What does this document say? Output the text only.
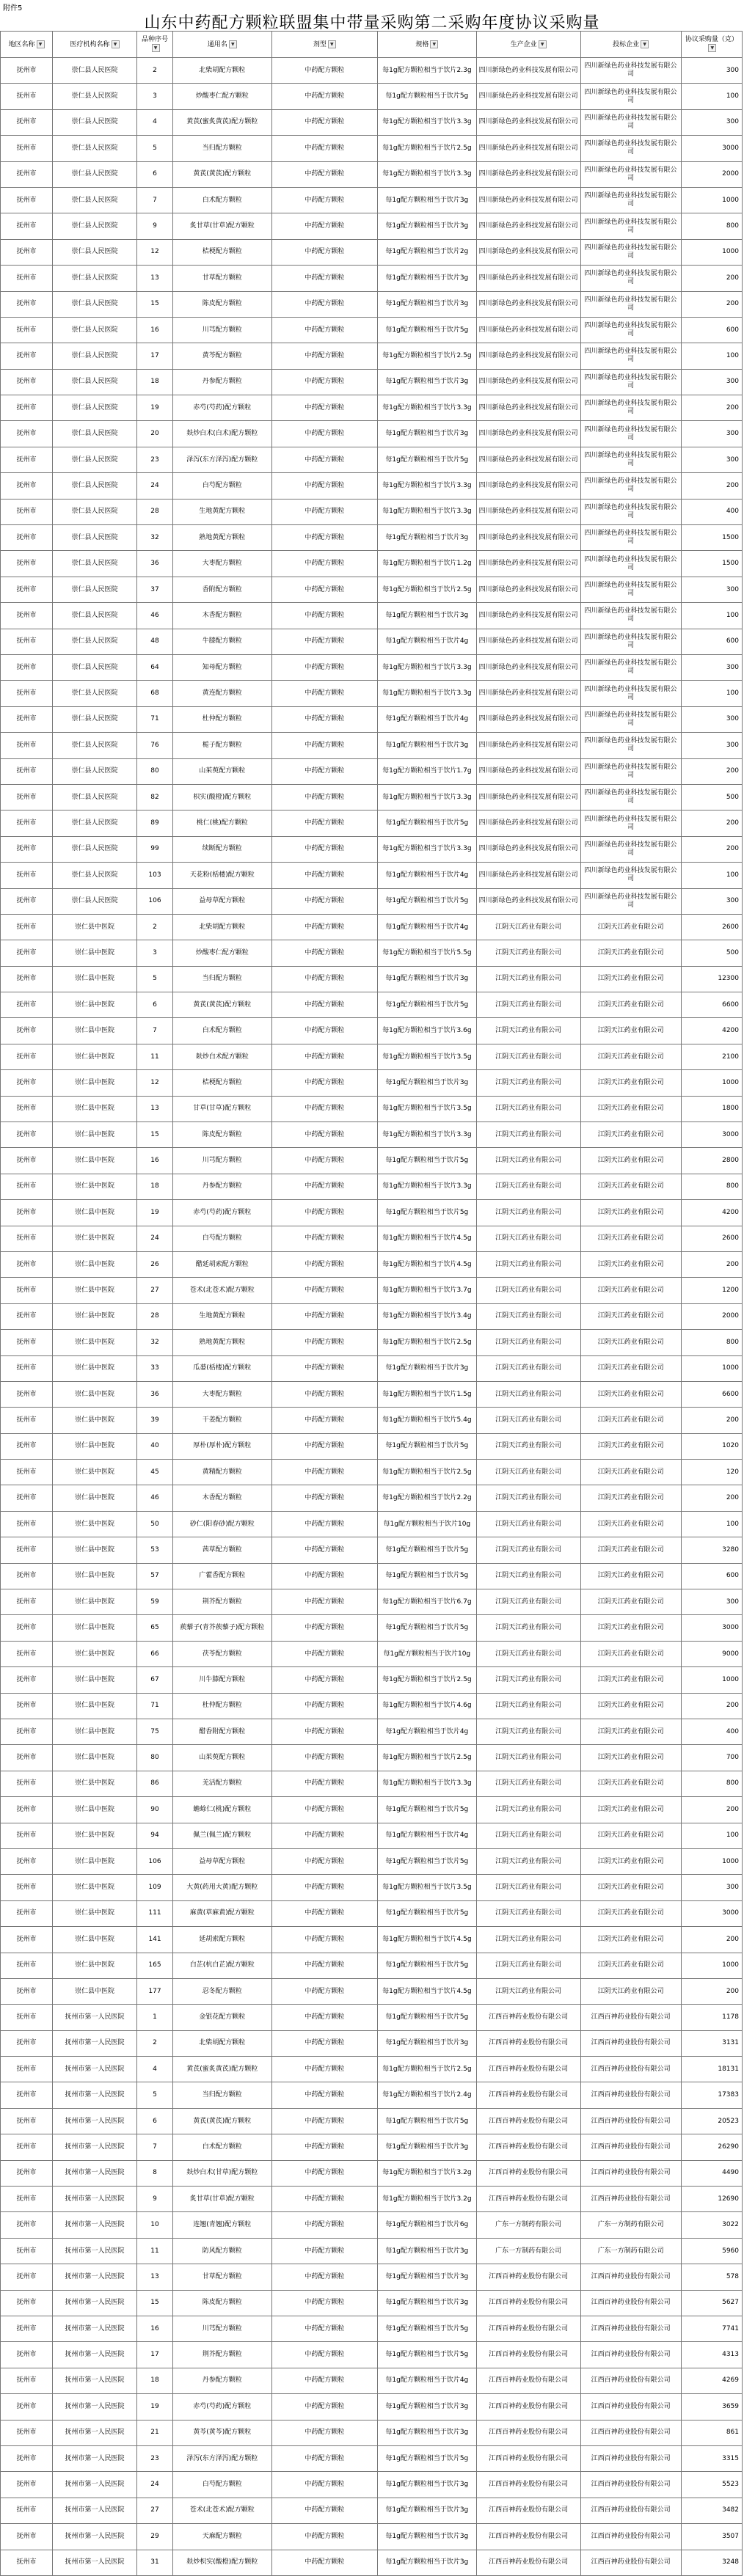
附件5
山东中药配方颗粒联盟集中带量采购第二采购年度协议采购量
地区名称 ▼	医疗机构名称 ▼	品种序号▼	通用名 ▼	剂型 ▼	规格 ▼	生产企业 ▼	投标企业 ▼	协议采购量（克）▼
抚州市	崇仁县人民医院	2	北柴胡配方颗粒	中药配方颗粒	每1g配方颗粒相当于饮片2.3g	四川新绿色药业科技发展有限公司	四川新绿色药业科技发展有限公司	300
抚州市	崇仁县人民医院	3	炒酸枣仁配方颗粒	中药配方颗粒	每1g配方颗粒相当于饮片5g	四川新绿色药业科技发展有限公司	四川新绿色药业科技发展有限公司	100
抚州市	崇仁县人民医院	4	黄芪(蜜炙黄芪)配方颗粒	中药配方颗粒	每1g配方颗粒相当于饮片3.3g	四川新绿色药业科技发展有限公司	四川新绿色药业科技发展有限公司	300
抚州市	崇仁县人民医院	5	当归配方颗粒	中药配方颗粒	每1g配方颗粒相当于饮片2.5g	四川新绿色药业科技发展有限公司	四川新绿色药业科技发展有限公司	3000
抚州市	崇仁县人民医院	6	黄芪(黄芪)配方颗粒	中药配方颗粒	每1g配方颗粒相当于饮片3.3g	四川新绿色药业科技发展有限公司	四川新绿色药业科技发展有限公司	2000
抚州市	崇仁县人民医院	7	白术配方颗粒	中药配方颗粒	每1g配方颗粒相当于饮片3g	四川新绿色药业科技发展有限公司	四川新绿色药业科技发展有限公司	1000
抚州市	崇仁县人民医院	9	炙甘草(甘草)配方颗粒	中药配方颗粒	每1g配方颗粒相当于饮片3g	四川新绿色药业科技发展有限公司	四川新绿色药业科技发展有限公司	800
抚州市	崇仁县人民医院	12	桔梗配方颗粒	中药配方颗粒	每1g配方颗粒相当于饮片2g	四川新绿色药业科技发展有限公司	四川新绿色药业科技发展有限公司	1000
抚州市	崇仁县人民医院	13	甘草配方颗粒	中药配方颗粒	每1g配方颗粒相当于饮片3g	四川新绿色药业科技发展有限公司	四川新绿色药业科技发展有限公司	200
抚州市	崇仁县人民医院	15	陈皮配方颗粒	中药配方颗粒	每1g配方颗粒相当于饮片3g	四川新绿色药业科技发展有限公司	四川新绿色药业科技发展有限公司	200
抚州市	崇仁县人民医院	16	川芎配方颗粒	中药配方颗粒	每1g配方颗粒相当于饮片5g	四川新绿色药业科技发展有限公司	四川新绿色药业科技发展有限公司	600
抚州市	崇仁县人民医院	17	黄芩配方颗粒	中药配方颗粒	每1g配方颗粒相当于饮片2.5g	四川新绿色药业科技发展有限公司	四川新绿色药业科技发展有限公司	100
抚州市	崇仁县人民医院	18	丹参配方颗粒	中药配方颗粒	每1g配方颗粒相当于饮片3g	四川新绿色药业科技发展有限公司	四川新绿色药业科技发展有限公司	300
抚州市	崇仁县人民医院	19	赤芍(芍药)配方颗粒	中药配方颗粒	每1g配方颗粒相当于饮片3.3g	四川新绿色药业科技发展有限公司	四川新绿色药业科技发展有限公司	200
抚州市	崇仁县人民医院	20	麸炒白术(白术)配方颗粒	中药配方颗粒	每1g配方颗粒相当于饮片3g	四川新绿色药业科技发展有限公司	四川新绿色药业科技发展有限公司	300
抚州市	崇仁县人民医院	23	泽泻(东方泽泻)配方颗粒	中药配方颗粒	每1g配方颗粒相当于饮片5g	四川新绿色药业科技发展有限公司	四川新绿色药业科技发展有限公司	300
抚州市	崇仁县人民医院	24	白芍配方颗粒	中药配方颗粒	每1g配方颗粒相当于饮片3.3g	四川新绿色药业科技发展有限公司	四川新绿色药业科技发展有限公司	200
抚州市	崇仁县人民医院	28	生地黄配方颗粒	中药配方颗粒	每1g配方颗粒相当于饮片3.3g	四川新绿色药业科技发展有限公司	四川新绿色药业科技发展有限公司	400
抚州市	崇仁县人民医院	32	熟地黄配方颗粒	中药配方颗粒	每1g配方颗粒相当于饮片3g	四川新绿色药业科技发展有限公司	四川新绿色药业科技发展有限公司	1500
抚州市	崇仁县人民医院	36	大枣配方颗粒	中药配方颗粒	每1g配方颗粒相当于饮片1.2g	四川新绿色药业科技发展有限公司	四川新绿色药业科技发展有限公司	1500
抚州市	崇仁县人民医院	37	香附配方颗粒	中药配方颗粒	每1g配方颗粒相当于饮片2.5g	四川新绿色药业科技发展有限公司	四川新绿色药业科技发展有限公司	300
抚州市	崇仁县人民医院	46	木香配方颗粒	中药配方颗粒	每1g配方颗粒相当于饮片3g	四川新绿色药业科技发展有限公司	四川新绿色药业科技发展有限公司	100
抚州市	崇仁县人民医院	48	牛膝配方颗粒	中药配方颗粒	每1g配方颗粒相当于饮片4g	四川新绿色药业科技发展有限公司	四川新绿色药业科技发展有限公司	600
抚州市	崇仁县人民医院	64	知母配方颗粒	中药配方颗粒	每1g配方颗粒相当于饮片3.3g	四川新绿色药业科技发展有限公司	四川新绿色药业科技发展有限公司	300
抚州市	崇仁县人民医院	68	黄连配方颗粒	中药配方颗粒	每1g配方颗粒相当于饮片3.3g	四川新绿色药业科技发展有限公司	四川新绿色药业科技发展有限公司	100
抚州市	崇仁县人民医院	71	杜仲配方颗粒	中药配方颗粒	每1g配方颗粒相当于饮片4g	四川新绿色药业科技发展有限公司	四川新绿色药业科技发展有限公司	300
抚州市	崇仁县人民医院	76	栀子配方颗粒	中药配方颗粒	每1g配方颗粒相当于饮片3g	四川新绿色药业科技发展有限公司	四川新绿色药业科技发展有限公司	300
抚州市	崇仁县人民医院	80	山茱萸配方颗粒	中药配方颗粒	每1g配方颗粒相当于饮片1.7g	四川新绿色药业科技发展有限公司	四川新绿色药业科技发展有限公司	200
抚州市	崇仁县人民医院	82	枳实(酸橙)配方颗粒	中药配方颗粒	每1g配方颗粒相当于饮片3.3g	四川新绿色药业科技发展有限公司	四川新绿色药业科技发展有限公司	500
抚州市	崇仁县人民医院	89	桃仁(桃)配方颗粒	中药配方颗粒	每1g配方颗粒相当于饮片5g	四川新绿色药业科技发展有限公司	四川新绿色药业科技发展有限公司	200
抚州市	崇仁县人民医院	99	续断配方颗粒	中药配方颗粒	每1g配方颗粒相当于饮片3.3g	四川新绿色药业科技发展有限公司	四川新绿色药业科技发展有限公司	200
抚州市	崇仁县人民医院	103	天花粉(栝楼)配方颗粒	中药配方颗粒	每1g配方颗粒相当于饮片4g	四川新绿色药业科技发展有限公司	四川新绿色药业科技发展有限公司	100
抚州市	崇仁县人民医院	106	益母草配方颗粒	中药配方颗粒	每1g配方颗粒相当于饮片5g	四川新绿色药业科技发展有限公司	四川新绿色药业科技发展有限公司	300
抚州市	崇仁县中医院	2	北柴胡配方颗粒	中药配方颗粒	每1g配方颗粒相当于饮片4g	江阴天江药业有限公司	江阴天江药业有限公司	2600
抚州市	崇仁县中医院	3	炒酸枣仁配方颗粒	中药配方颗粒	每1g配方颗粒相当于饮片5.5g	江阴天江药业有限公司	江阴天江药业有限公司	500
抚州市	崇仁县中医院	5	当归配方颗粒	中药配方颗粒	每1g配方颗粒相当于饮片3g	江阴天江药业有限公司	江阴天江药业有限公司	12300
抚州市	崇仁县中医院	6	黄芪(黄芪)配方颗粒	中药配方颗粒	每1g配方颗粒相当于饮片5g	江阴天江药业有限公司	江阴天江药业有限公司	6600
抚州市	崇仁县中医院	7	白术配方颗粒	中药配方颗粒	每1g配方颗粒相当于饮片3.6g	江阴天江药业有限公司	江阴天江药业有限公司	4200
抚州市	崇仁县中医院	11	麸炒白术配方颗粒	中药配方颗粒	每1g配方颗粒相当于饮片3.5g	江阴天江药业有限公司	江阴天江药业有限公司	2100
抚州市	崇仁县中医院	12	桔梗配方颗粒	中药配方颗粒	每1g配方颗粒相当于饮片3g	江阴天江药业有限公司	江阴天江药业有限公司	1000
抚州市	崇仁县中医院	13	甘草(甘草)配方颗粒	中药配方颗粒	每1g配方颗粒相当于饮片3.5g	江阴天江药业有限公司	江阴天江药业有限公司	1800
抚州市	崇仁县中医院	15	陈皮配方颗粒	中药配方颗粒	每1g配方颗粒相当于饮片3.3g	江阴天江药业有限公司	江阴天江药业有限公司	3000
抚州市	崇仁县中医院	16	川芎配方颗粒	中药配方颗粒	每1g配方颗粒相当于饮片5g	江阴天江药业有限公司	江阴天江药业有限公司	2800
抚州市	崇仁县中医院	18	丹参配方颗粒	中药配方颗粒	每1g配方颗粒相当于饮片3.3g	江阴天江药业有限公司	江阴天江药业有限公司	800
抚州市	崇仁县中医院	19	赤芍(芍药)配方颗粒	中药配方颗粒	每1g配方颗粒相当于饮片5g	江阴天江药业有限公司	江阴天江药业有限公司	4200
抚州市	崇仁县中医院	24	白芍配方颗粒	中药配方颗粒	每1g配方颗粒相当于饮片4.5g	江阴天江药业有限公司	江阴天江药业有限公司	2600
抚州市	崇仁县中医院	26	醋延胡索配方颗粒	中药配方颗粒	每1g配方颗粒相当于饮片4.5g	江阴天江药业有限公司	江阴天江药业有限公司	200
抚州市	崇仁县中医院	27	苍术(北苍术)配方颗粒	中药配方颗粒	每1g配方颗粒相当于饮片3.7g	江阴天江药业有限公司	江阴天江药业有限公司	1200
抚州市	崇仁县中医院	28	生地黄配方颗粒	中药配方颗粒	每1g配方颗粒相当于饮片3.4g	江阴天江药业有限公司	江阴天江药业有限公司	2000
抚州市	崇仁县中医院	32	熟地黄配方颗粒	中药配方颗粒	每1g配方颗粒相当于饮片2.5g	江阴天江药业有限公司	江阴天江药业有限公司	800
抚州市	崇仁县中医院	33	瓜蒌(栝楼)配方颗粒	中药配方颗粒	每1g配方颗粒相当于饮片3g	江阴天江药业有限公司	江阴天江药业有限公司	1000
抚州市	崇仁县中医院	36	大枣配方颗粒	中药配方颗粒	每1g配方颗粒相当于饮片1.5g	江阴天江药业有限公司	江阴天江药业有限公司	6600
抚州市	崇仁县中医院	39	干姜配方颗粒	中药配方颗粒	每1g配方颗粒相当于饮片5.4g	江阴天江药业有限公司	江阴天江药业有限公司	200
抚州市	崇仁县中医院	40	厚朴(厚朴)配方颗粒	中药配方颗粒	每1g配方颗粒相当于饮片5g	江阴天江药业有限公司	江阴天江药业有限公司	1020
抚州市	崇仁县中医院	45	黄精配方颗粒	中药配方颗粒	每1g配方颗粒相当于饮片2.5g	江阴天江药业有限公司	江阴天江药业有限公司	120
抚州市	崇仁县中医院	46	木香配方颗粒	中药配方颗粒	每1g配方颗粒相当于饮片2.2g	江阴天江药业有限公司	江阴天江药业有限公司	200
抚州市	崇仁县中医院	50	砂仁(阳春砂)配方颗粒	中药配方颗粒	每1g配方颗粒相当于饮片10g	江阴天江药业有限公司	江阴天江药业有限公司	100
抚州市	崇仁县中医院	53	茜草配方颗粒	中药配方颗粒	每1g配方颗粒相当于饮片5g	江阴天江药业有限公司	江阴天江药业有限公司	3280
抚州市	崇仁县中医院	57	广藿香配方颗粒	中药配方颗粒	每1g配方颗粒相当于饮片5g	江阴天江药业有限公司	江阴天江药业有限公司	600
抚州市	崇仁县中医院	59	荆芥配方颗粒	中药配方颗粒	每1g配方颗粒相当于饮片6.7g	江阴天江药业有限公司	江阴天江药业有限公司	300
抚州市	崇仁县中医院	65	蒺藜子(青芥蒺藜子)配方颗粒	中药配方颗粒	每1g配方颗粒相当于饮片5g	江阴天江药业有限公司	江阴天江药业有限公司	3000
抚州市	崇仁县中医院	66	茯苓配方颗粒	中药配方颗粒	每1g配方颗粒相当于饮片10g	江阴天江药业有限公司	江阴天江药业有限公司	9000
抚州市	崇仁县中医院	67	川牛膝配方颗粒	中药配方颗粒	每1g配方颗粒相当于饮片2.5g	江阴天江药业有限公司	江阴天江药业有限公司	1000
抚州市	崇仁县中医院	71	杜仲配方颗粒	中药配方颗粒	每1g配方颗粒相当于饮片4.6g	江阴天江药业有限公司	江阴天江药业有限公司	200
抚州市	崇仁县中医院	75	醋香附配方颗粒	中药配方颗粒	每1g配方颗粒相当于饮片4g	江阴天江药业有限公司	江阴天江药业有限公司	400
抚州市	崇仁县中医院	80	山茱萸配方颗粒	中药配方颗粒	每1g配方颗粒相当于饮片2.5g	江阴天江药业有限公司	江阴天江药业有限公司	700
抚州市	崇仁县中医院	86	羌活配方颗粒	中药配方颗粒	每1g配方颗粒相当于饮片3.3g	江阴天江药业有限公司	江阴天江药业有限公司	800
抚州市	崇仁县中医院	90	蟾蜍仁(桃)配方颗粒	中药配方颗粒	每1g配方颗粒相当于饮片5g	江阴天江药业有限公司	江阴天江药业有限公司	200
抚州市	崇仁县中医院	94	佩兰(佩兰)配方颗粒	中药配方颗粒	每1g配方颗粒相当于饮片4g	江阴天江药业有限公司	江阴天江药业有限公司	100
抚州市	崇仁县中医院	106	益母草配方颗粒	中药配方颗粒	每1g配方颗粒相当于饮片5g	江阴天江药业有限公司	江阴天江药业有限公司	1000
抚州市	崇仁县中医院	109	大黄(药用大黄)配方颗粒	中药配方颗粒	每1g配方颗粒相当于饮片3.5g	江阴天江药业有限公司	江阴天江药业有限公司	300
抚州市	崇仁县中医院	111	麻黄(草麻黄)配方颗粒	中药配方颗粒	每1g配方颗粒相当于饮片5g	江阴天江药业有限公司	江阴天江药业有限公司	3000
抚州市	崇仁县中医院	141	延胡索配方颗粒	中药配方颗粒	每1g配方颗粒相当于饮片4.5g	江阴天江药业有限公司	江阴天江药业有限公司	200
抚州市	崇仁县中医院	165	白芷(杭白芷)配方颗粒	中药配方颗粒	每1g配方颗粒相当于饮片5g	江阴天江药业有限公司	江阴天江药业有限公司	1000
抚州市	崇仁县中医院	177	忍冬配方颗粒	中药配方颗粒	每1g配方颗粒相当于饮片4.5g	江阴天江药业有限公司	江阴天江药业有限公司	200
抚州市	抚州市第一人民医院	1	金银花配方颗粒	中药配方颗粒	每1g配方颗粒相当于饮片5g	江西百神药业股份有限公司	江西百神药业股份有限公司	1178
抚州市	抚州市第一人民医院	2	北柴胡配方颗粒	中药配方颗粒	每1g配方颗粒相当于饮片3g	江西百神药业股份有限公司	江西百神药业股份有限公司	3131
抚州市	抚州市第一人民医院	4	黄芪(蜜炙黄芪)配方颗粒	中药配方颗粒	每1g配方颗粒相当于饮片2.5g	江西百神药业股份有限公司	江西百神药业股份有限公司	18131
抚州市	抚州市第一人民医院	5	当归配方颗粒	中药配方颗粒	每1g配方颗粒相当于饮片2.4g	江西百神药业股份有限公司	江西百神药业股份有限公司	17383
抚州市	抚州市第一人民医院	6	黄芪(黄芪)配方颗粒	中药配方颗粒	每1g配方颗粒相当于饮片5g	江西百神药业股份有限公司	江西百神药业股份有限公司	20523
抚州市	抚州市第一人民医院	7	白术配方颗粒	中药配方颗粒	每1g配方颗粒相当于饮片3g	江西百神药业股份有限公司	江西百神药业股份有限公司	26290
抚州市	抚州市第一人民医院	8	麸炒白术(甘草)配方颗粒	中药配方颗粒	每1g配方颗粒相当于饮片3.2g	江西百神药业股份有限公司	江西百神药业股份有限公司	4490
抚州市	抚州市第一人民医院	9	炙甘草(甘草)配方颗粒	中药配方颗粒	每1g配方颗粒相当于饮片3.2g	江西百神药业股份有限公司	江西百神药业股份有限公司	12690
抚州市	抚州市第一人民医院	10	连翘(青翘)配方颗粒	中药配方颗粒	每1g配方颗粒相当于饮片6g	广东一方制药有限公司	广东一方制药有限公司	3022
抚州市	抚州市第一人民医院	11	防风配方颗粒	中药配方颗粒	每1g配方颗粒相当于饮片3g	广东一方制药有限公司	广东一方制药有限公司	5960
抚州市	抚州市第一人民医院	13	甘草配方颗粒	中药配方颗粒	每1g配方颗粒相当于饮片3g	江西百神药业股份有限公司	江西百神药业股份有限公司	578
抚州市	抚州市第一人民医院	15	陈皮配方颗粒	中药配方颗粒	每1g配方颗粒相当于饮片3g	江西百神药业股份有限公司	江西百神药业股份有限公司	5627
抚州市	抚州市第一人民医院	16	川芎配方颗粒	中药配方颗粒	每1g配方颗粒相当于饮片5g	江西百神药业股份有限公司	江西百神药业股份有限公司	7741
抚州市	抚州市第一人民医院	17	荆芥配方颗粒	中药配方颗粒	每1g配方颗粒相当于饮片5g	江西百神药业股份有限公司	江西百神药业股份有限公司	4313
抚州市	抚州市第一人民医院	18	丹参配方颗粒	中药配方颗粒	每1g配方颗粒相当于饮片4g	江西百神药业股份有限公司	江西百神药业股份有限公司	4269
抚州市	抚州市第一人民医院	19	赤芍(芍药)配方颗粒	中药配方颗粒	每1g配方颗粒相当于饮片3g	江西百神药业股份有限公司	江西百神药业股份有限公司	3659
抚州市	抚州市第一人民医院	21	黄芩(黄芩)配方颗粒	中药配方颗粒	每1g配方颗粒相当于饮片3g	江西百神药业股份有限公司	江西百神药业股份有限公司	861
抚州市	抚州市第一人民医院	23	泽泻(东方泽泻)配方颗粒	中药配方颗粒	每1g配方颗粒相当于饮片5g	江西百神药业股份有限公司	江西百神药业股份有限公司	3315
抚州市	抚州市第一人民医院	24	白芍配方颗粒	中药配方颗粒	每1g配方颗粒相当于饮片3g	江西百神药业股份有限公司	江西百神药业股份有限公司	5523
抚州市	抚州市第一人民医院	27	苍术(北苍术)配方颗粒	中药配方颗粒	每1g配方颗粒相当于饮片3g	江西百神药业股份有限公司	江西百神药业股份有限公司	3482
抚州市	抚州市第一人民医院	29	天麻配方颗粒	中药配方颗粒	每1g配方颗粒相当于饮片3g	江西百神药业股份有限公司	江西百神药业股份有限公司	3507
抚州市	抚州市第一人民医院	31	麸炒枳实(酸橙)配方颗粒	中药配方颗粒	每1g配方颗粒相当于饮片3g	江西百神药业股份有限公司	江西百神药业股份有限公司	3248
